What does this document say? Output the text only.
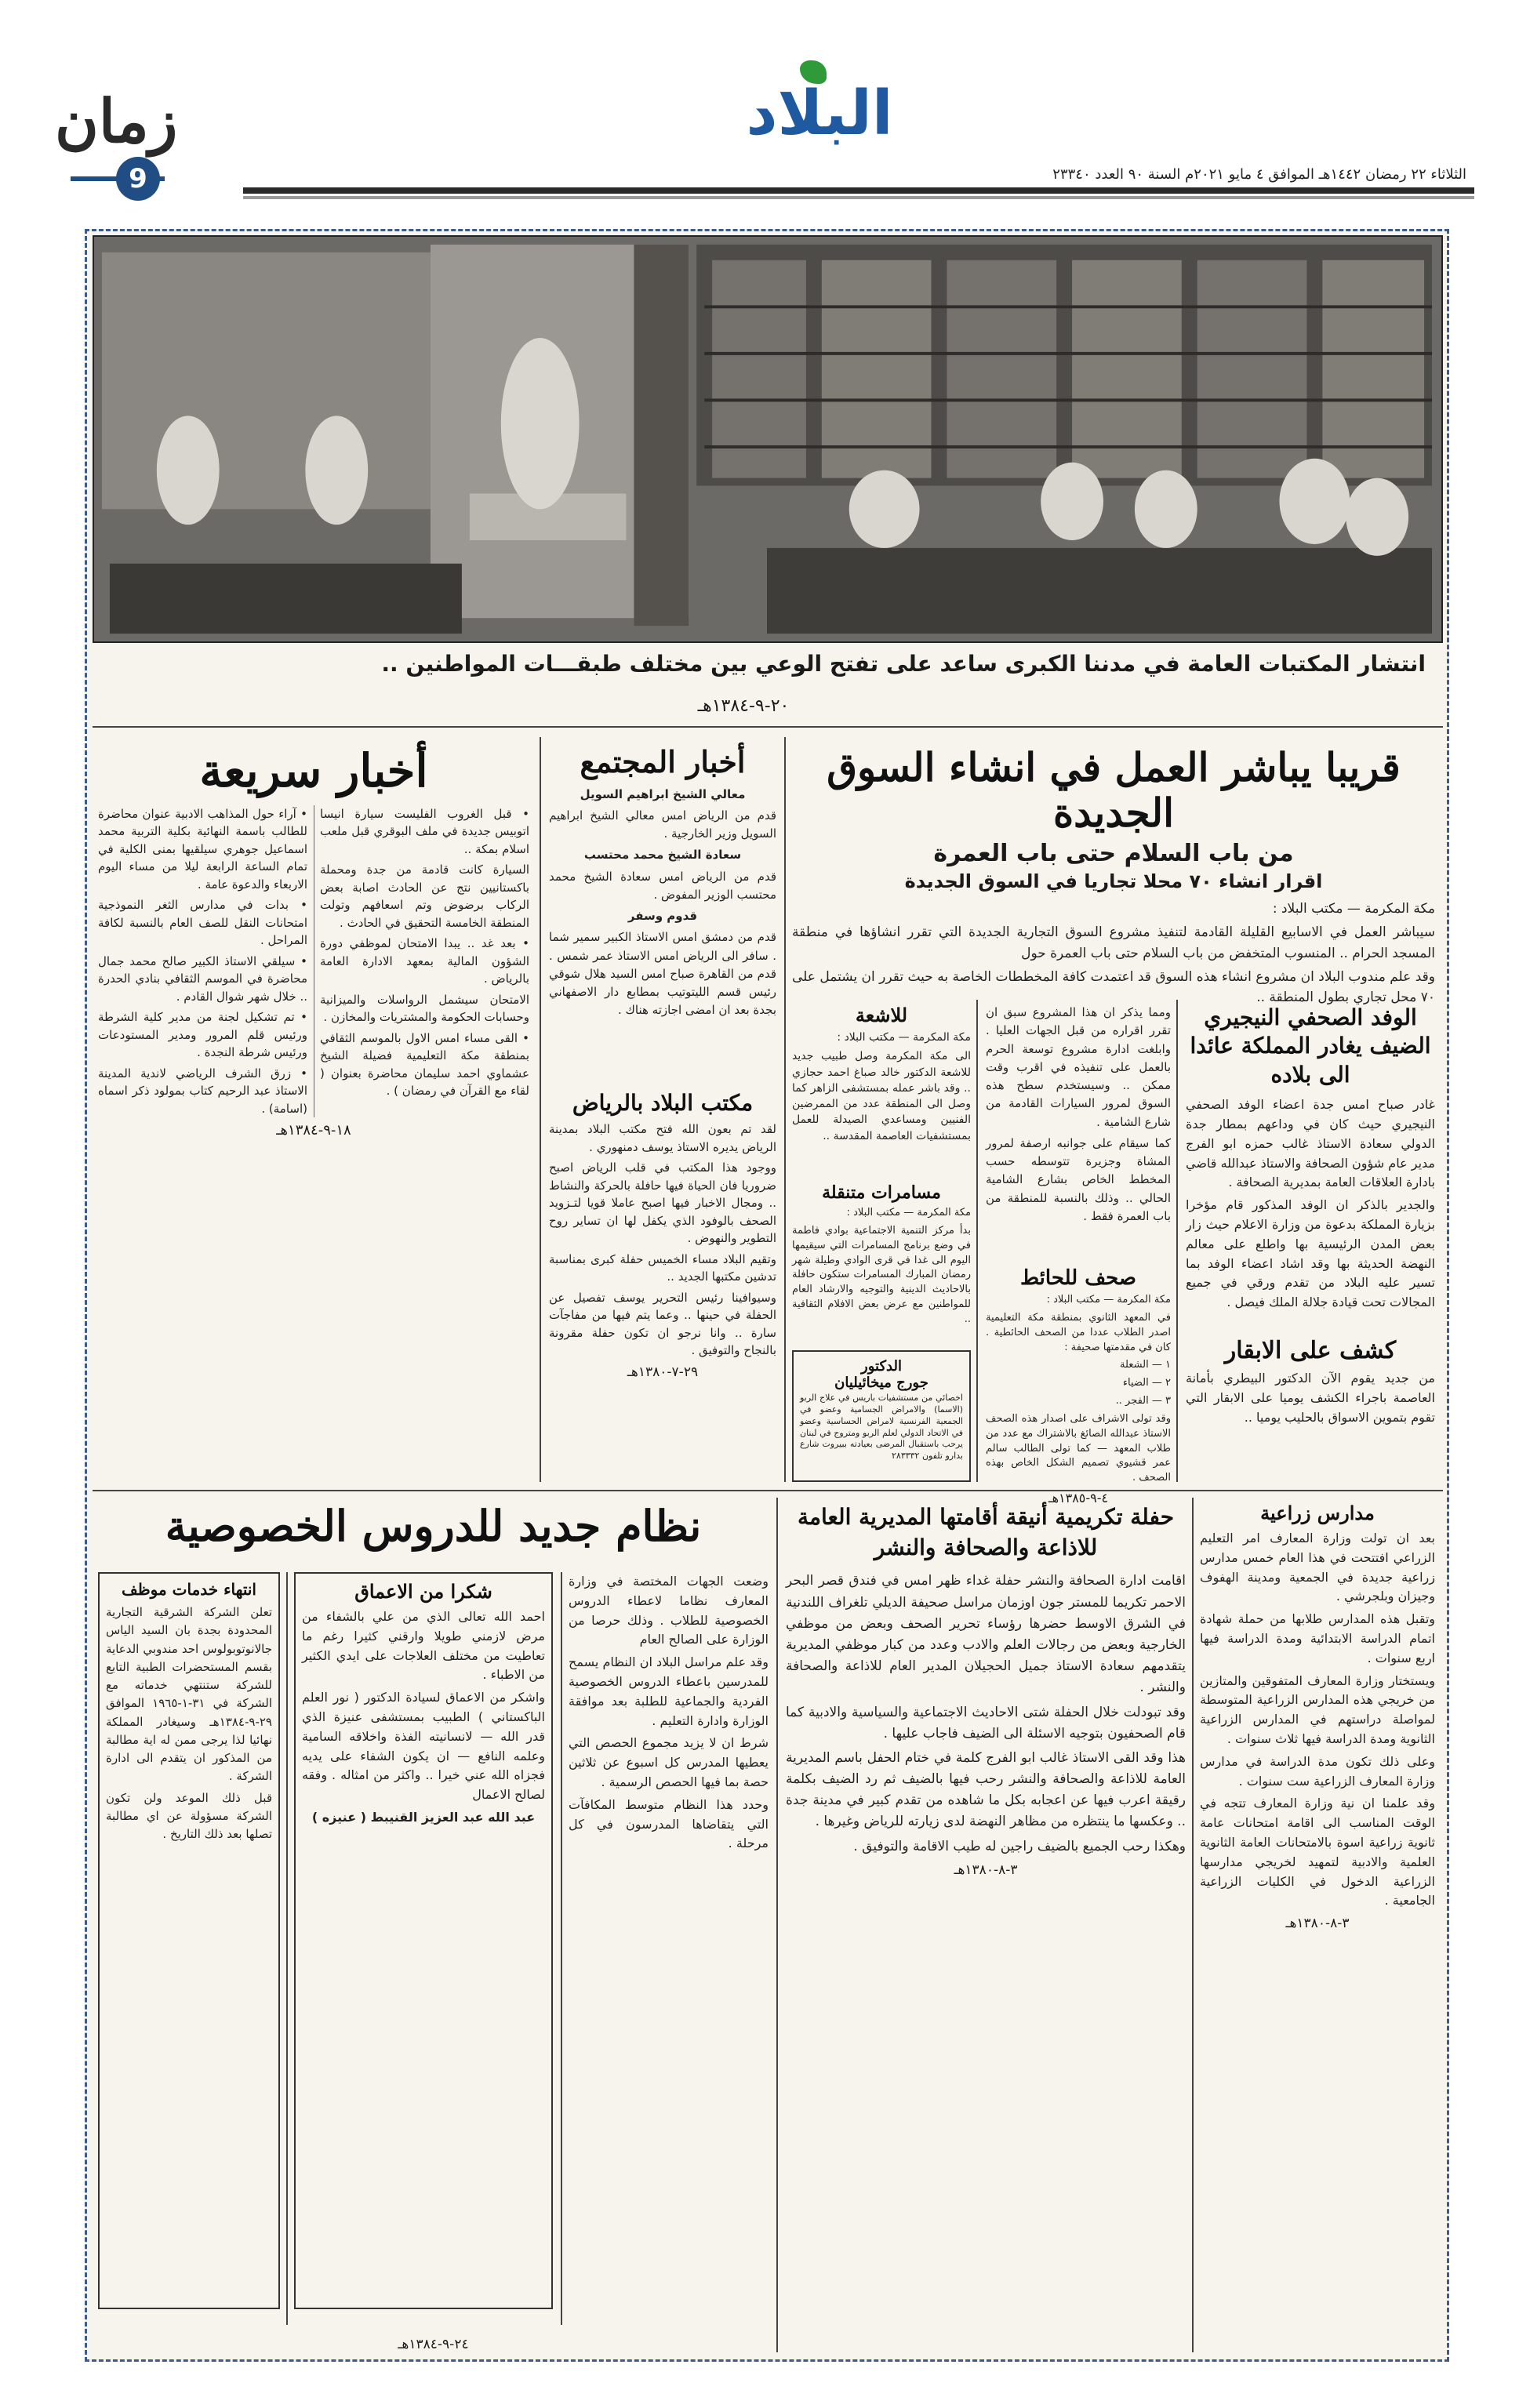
زمان
9
البلاد
الثلاثاء ٢٢ رمضان ١٤٤٢هـ الموافق ٤ مايو ٢٠٢١م السنة ٩٠ العدد ٢٣٣٤٠
انتشار المكتبات العامة في مدننا الكبرى ساعد على تفتح الوعي بين مختلف طبقـــات المواطنين ..
٢٠-٩-١٣٨٤هـ
قريبا يباشر العمل في انشاء السوق الجديدة
من باب السلام حتى باب العمرة
اقرار انشاء ٧٠ محلا تجاريا في السوق الجديدة

مكة المكرمة — مكتب البلاد :

سيباشر العمل في الاسابيع القليلة القادمة لتنفيذ مشروع السوق التجارية الجديدة التي تقرر انشاؤها في منطقة المسجد الحرام .. المنسوب المتخفض من باب السلام حتى باب العمرة حول

وقد علم مندوب البلاد ان مشروع انشاء هذه السوق قد اعتمدت كافة المخططات الخاصة به حيث تقرر ان يشتمل على ٧٠ محل تجاري بطول المنطقة ..

الوفد الصحفي النيجيري الضيف يغادر المملكة عائدا الى بلاده

غادر صباح امس جدة اعضاء الوفد الصحفي النيجيري حيث كان في وداعهم بمطار جدة الدولي سعادة الاستاذ غالب حمزه ابو الفرج مدير عام شؤون الصحافة والاستاذ عبدالله قاضي بادارة العلاقات العامة بمديرية الصحافة .

والجدير بالذكر ان الوفد المذكور قام مؤخرا بزيارة المملكة بدعوة من وزارة الاعلام حيث زار بعض المدن الرئيسية بها واطلع على معالم النهضة الحديثة بها وقد اشاد اعضاء الوفد بما تسير عليه البلاد من تقدم ورقي في جميع المجالات تحت قيادة جلالة الملك فيصل .

كشف على الابقار

من جديد يقوم الآن الدكتور البيطري بأمانة العاصمة باجراء الكشف يوميا على الابقار التي تقوم بتموين الاسواق بالحليب يوميا ..

ومما يذكر ان هذا المشروع سبق ان تقرر اقراره من قبل الجهات العليا . وابلغت ادارة مشروع توسعة الحرم بالعمل على تنفيذه في اقرب وقت ممكن .. وسيستخدم سطح هذه السوق لمرور السيارات القادمة من شارع الشامية .

كما سيقام على جوانبه ارصفة لمرور المشاة وجزيرة تتوسطه حسب المخطط الخاص بشارع الشامية الحالي .. وذلك بالنسبة للمنطقة من باب العمرة فقط .

صحف للحائط

مكة المكرمة — مكتب البلاد :

في المعهد الثانوي بمنطقة مكة التعليمية اصدر الطلاب عددا من الصحف الحائطية . كان في مقدمتها صحيفة :

١ — الشعلة

٢ — الضياء

٣ — الفجر ..

وقد تولى الاشراف على اصدار هذه الصحف الاستاذ عبدالله الصائغ بالاشتراك مع عدد من طلاب المعهد — كما تولى الطالب سالم عمر قشيوي تصميم الشكل الخاص بهذه الصحف .

٤-٩-١٣٨٥هـ
للاشعة

مكة المكرمة — مكتب البلاد :

الى مكة المكرمة وصل طبيب جديد للاشعة الدكتور خالد صباغ احمد حجازي .. وقد باشر عمله بمستشفى الزاهر كما وصل الى المنطقة عدد من الممرضين الفنيين ومساعدي الصيدلة للعمل بمستشفيات العاصمة المقدسة ..

مسامرات متنقلة

مكة المكرمة — مكتب البلاد :

بدأ مركز التنمية الاجتماعية بوادي فاطمة في وضع برنامج المسامرات التي سيقيمها اليوم الى غدا في قرى الوادي وطيلة شهر رمضان المبارك المسامرات ستكون حافلة بالاحاديث الدينية والتوجيه والارشاد العام للمواطنين مع عرض بعض الافلام الثقافية ..

الدكتور
جورج ميخائيليان

اخصائي من مستشفيات باريس في علاج الربو (الاسما) والامراض الجسامية وعضو في الجمعية الفرنسية لامراض الحساسية وعضو في الاتحاد الدولي لعلم الربو ومتروج في لبنان يرحب باستقبال المرضى بعيادته ببيروت شارع بدارو تلفون ٢٨٣٣٣٢

أخبار المجتمع

معالي الشيخ ابراهيم السويل

قدم من الرياض امس معالي الشيخ ابراهيم السويل وزير الخارجية .

سعادة الشيخ محمد محتسب

قدم من الرياض امس سعادة الشيخ محمد محتسب الوزير المفوض .

قدوم وسفر

قدم من دمشق امس الاستاذ الكبير سمير شما . سافر الى الرياض امس الاستاذ عمر شمس . قدم من القاهرة صباح امس السيد هلال شوقي رئيس قسم الليتوتيب بمطابع دار الاصفهاني بجدة بعد ان امضى اجازته هناك .

مكتب البلاد بالرياض

لقد تم بعون الله فتح مكتب البلاد بمدينة الرياض يديره الاستاذ يوسف دمنهوري .

ووجود هذا المكتب في قلب الرياض اصبح ضروريا فان الحياة فيها حافلة بالحركة والنشاط .. ومجال الاخبار فيها اصبح عاملا قويا لتـزويد الصحف بالوفود الذي يكفل لها ان تساير روح التطوير والنهوض .

وتقيم البلاد مساء الخميس حفلة كبرى بمناسبة تدشين مكتبها الجديد ..

وسيوافينا رئيس التحرير يوسف تفصيل عن الحفلة في حينها .. وعما يتم فيها من مفاجآت سارة .. وانا نرجو ان تكون حفلة مقرونة بالنجاح والتوفيق .

٢٩-٧-١٣٨٠هـ
أخبار سريعة

• قبل الغروب الفليست سيارة انيسا اتوبيس جديدة في ملف البوقري قبل ملعب اسلام بمكة ..

السيارة كانت قادمة من جدة ومحملة باكستانيين نتج عن الحادث اصابة بعض الركاب برضوض وتم اسعافهم وتولت المنطقة الخامسة التحقيق في الحادث .

• بعد غد .. يبدا الامتحان لموظفي دورة الشؤون المالية بمعهد الادارة العامة بالرياض .

الامتحان سيشمل الرواسلات والميزانية وحسابات الحكومة والمشتريات والمخازن .

• القى مساء امس الاول بالموسم الثقافي بمنطقة مكة التعليمية فضيلة الشيخ عشماوي احمد سليمان محاضرة بعنوان ( لقاء مع القرآن في رمضان ) .

• آراء حول المذاهب الادبية عنوان محاضرة للطالب باسمة النهائية بكلية التربية محمد اسماعيل جوهري سيلقيها بمنى الكلية في تمام الساعة الرابعة ليلا من مساء اليوم الاربعاء والدعوة عامة .

• بدات في مدارس الثغر النموذجية امتحانات النقل للصف العام بالنسبة لكافة المراحل .

• سيلقي الاستاذ الكبير صالح محمد جمال محاضرة في الموسم الثقافي بنادي الحدرة .. خلال شهر شوال القادم .

• تم تشكيل لجنة من مدير كلية الشرطة ورئيس قلم المرور ومدير المستودعات ورئيس شرطة النجدة .

• زرق الشرف الرياضي لاندية المدينة الاستاذ عبد الرحيم كتاب بمولود ذكر اسماه (اسامة) .

١٨-٩-١٣٨٤هـ
مدارس زراعية

بعد ان تولت وزارة المعارف امر التعليم الزراعي افتتحت في هذا العام خمس مدارس زراعية جديدة في الجمعية ومدينة الهفوف وجيزان وبلجرشي .

وتقبل هذه المدارس طلابها من حملة شهادة اتمام الدراسة الابتدائية ومدة الدراسة فيها اربع سنوات .

ويستختار وزارة المعارف المتفوقين والمتازين من خريجي هذه المدارس الزراعية المتوسطة لمواصلة دراستهم في المدارس الزراعية الثانوية ومدة الدراسة فيها ثلاث سنوات .

وعلى ذلك تكون مدة الدراسة في مدارس وزارة المعارف الزراعية ست سنوات .

وقد علمنا ان نية وزارة المعارف تتجه في الوقت المناسب الى اقامة امتحانات عامة ثانوية زراعية اسوة بالامتحانات العامة الثانوية العلمية والادبية لتمهيد لخريجي مدارسها الزراعية الدخول في الكليات الزراعية الجامعية .

٣-٨-١٣٨٠هـ
حفلة تكريمية أنيقة أقامتها المديرية العامة للاذاعة والصحافة والنشر

اقامت ادارة الصحافة والنشر حفلة غداء ظهر امس في فندق قصر البحر الاحمر تكريما للمستر جون اوزمان مراسل صحيفة الديلي تلغراف اللندنية في الشرق الاوسط حضرها رؤساء تحرير الصحف وبعض من موظفي الخارجية وبعض من رجالات العلم والادب وعدد من كبار موظفي المديرية يتقدمهم سعادة الاستاذ جميل الحجيلان المدير العام للاذاعة والصحافة والنشر .

وقد تبودلت خلال الحفلة شتى الاحاديث الاجتماعية والسياسية والادبية كما قام الصحفيون بتوجيه الاسئلة الى الضيف فاجاب عليها .

هذا وقد القى الاستاذ غالب ابو الفرج كلمة في ختام الحفل باسم المديرية العامة للاذاعة والصحافة والنشر رحب فيها بالضيف ثم رد الضيف بكلمة رقيقة اعرب فيها عن اعجابه بكل ما شاهده من تقدم كبير في مدينة جدة .. وعكسها ما ينتظره من مظاهر النهضة لدى زيارته للرياض وغيرها .

وهكذا رحب الجميع بالضيف راجين له طيب الاقامة والتوفيق .

٣-٨-١٣٨٠هـ
نظام جديد للدروس الخصوصية

وضعت الجهات المختصة في وزارة المعارف نظاما لاعطاء الدروس الخصوصية للطلاب . وذلك حرصا من الوزارة على الصالح العام

وقد علم مراسل البلاد ان النظام يسمح للمدرسين باعطاء الدروس الخصوصية الفردية والجماعية للطلبة بعد موافقة الوزارة وادارة التعليم .

شرط ان لا يزيد مجموع الحصص التي يعطيها المدرس كل اسبوع عن ثلاثين حصة بما فيها الحصص الرسمية .

وحدد هذا النظام متوسط المكافآت التي يتقاضاها المدرسون في كل مرحلة .

شكرا من الاعماق

احمد الله تعالى الذي من علي بالشفاء من مرض لازمني طويلا وارقني كثيرا رغم ما تعاطيت من مختلف العلاجات على ايدي الكثير من الاطباء .

واشكر من الاعماق لسيادة الدكتور ( نور العلم الباكستاني ) الطبيب بمستشفى عنيزة الذي قدر الله — لانسانيته الفذة واخلاقه السامية وعلمه النافع — ان يكون الشفاء على يديه فجزاه الله عني خيرا .. واكثر من امثاله . وفقه لصالح الاعمال

عبد الله عبد العزيز القنيبط ( عنيزه )

انتهاء خدمات موظف

تعلن الشركة الشرقية التجارية المحدودة بجدة بان السيد الياس جالانوتوبولوس احد مندوبي الدعاية بقسم المستحضرات الطبية التابع للشركة ستنتهي خدماته مع الشركة في ٣١-١-١٩٦٥ الموافق ٢٩-٩-١٣٨٤هـ وسيغادر المملكة نهائيا لذا يرجى ممن له اية مطالبة من المذكور ان يتقدم الى ادارة الشركة .

قبل ذلك الموعد ولن تكون الشركة مسؤولة عن اي مطالبة تصلها بعد ذلك التاريخ .

٢٤-٩-١٣٨٤هـ
